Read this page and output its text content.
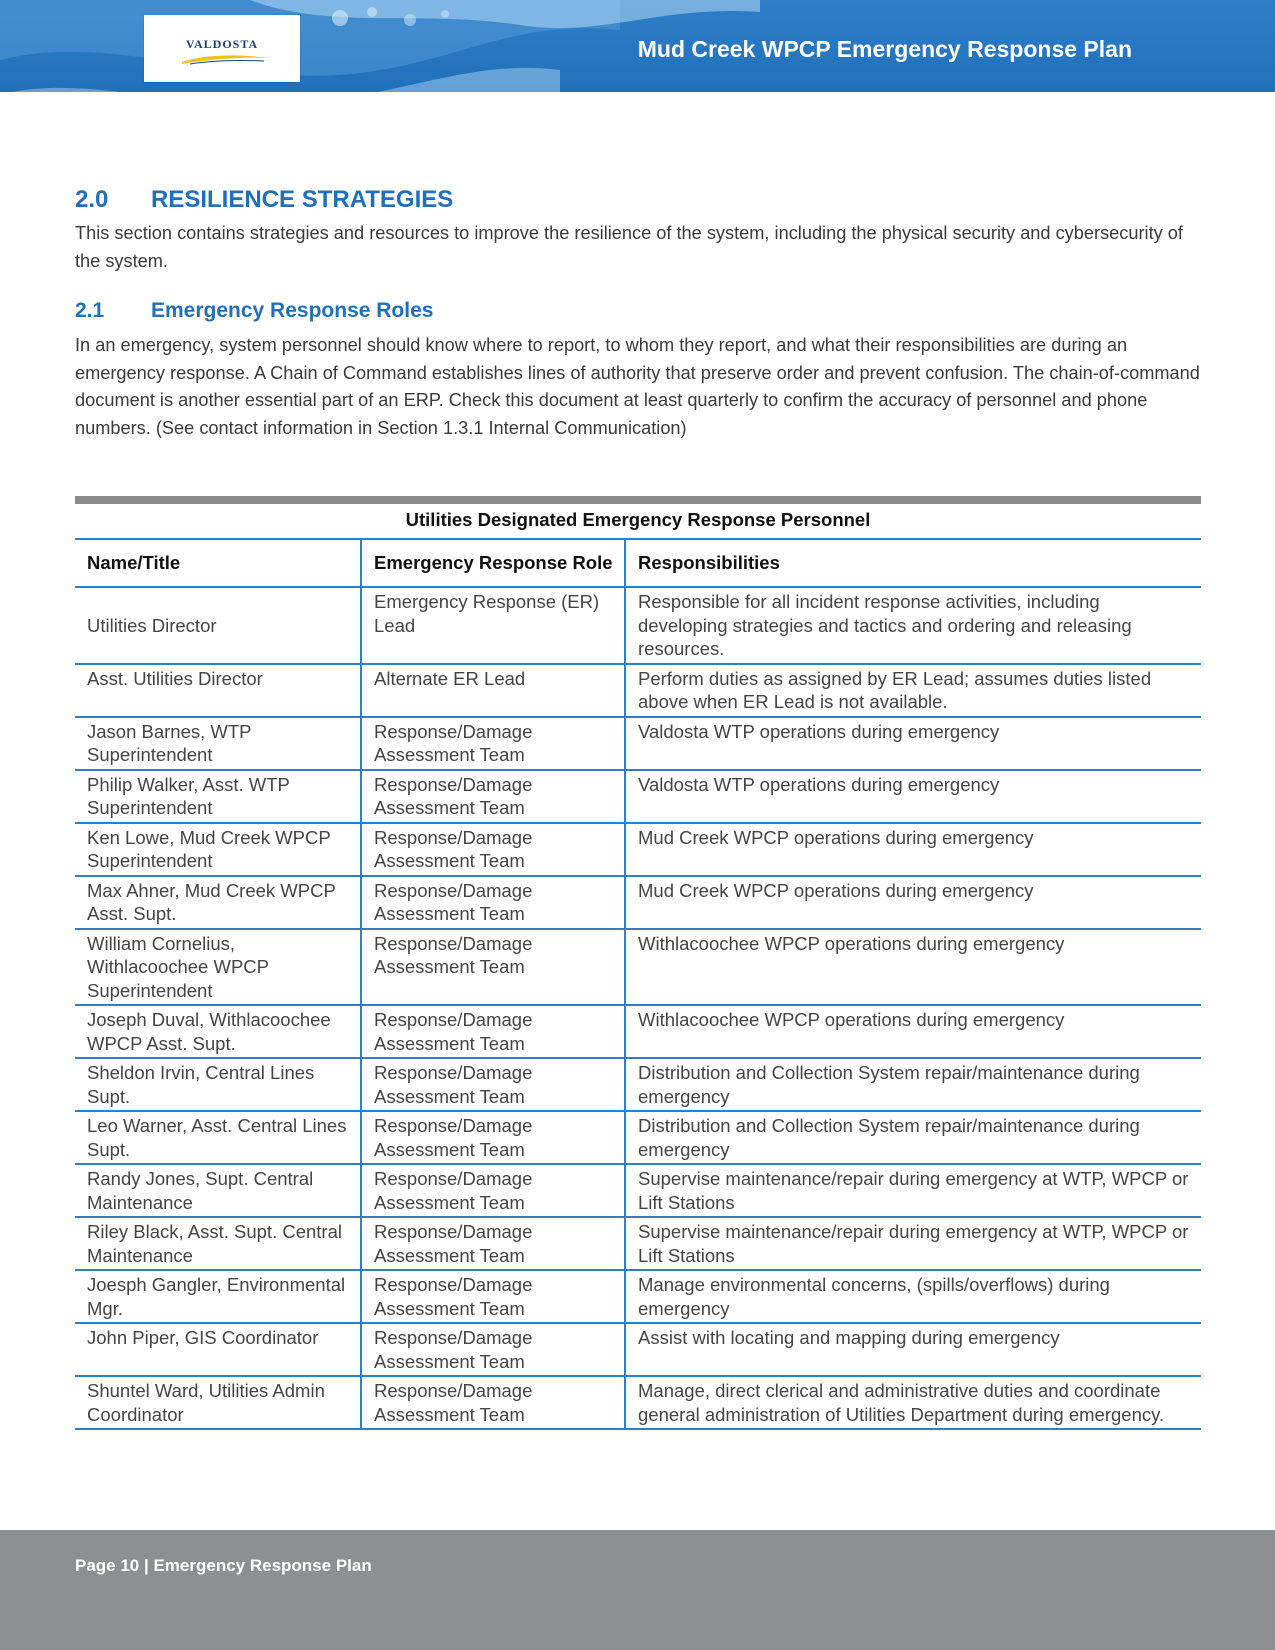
VALDOSTA	Mud Creek WPCP Emergency Response Plan
2.0 RESILIENCE STRATEGIES

This section contains strategies and resources to improve the resilience of the system, including the physical security and cybersecurity of the system.

2.1 Emergency Response Roles

In an emergency, system personnel should know where to report, to whom they report, and what their responsibilities are during an emergency response. A Chain of Command establishes lines of authority that preserve order and prevent confusion. The chain-of-command document is another essential part of an ERP. Check this document at least quarterly to confirm the accuracy of personnel and phone numbers. (See contact information in Section 1.3.1 Internal Communication)

Utilities Designated Emergency Response Personnel
Name/Title	Emergency Response Role	Responsibilities
Utilities Director	Emergency Response (ER) Lead	Responsible for all incident response activities, including developing strategies and tactics and ordering and releasing resources.
Asst. Utilities Director	Alternate ER Lead	Perform duties as assigned by ER Lead; assumes duties listed above when ER Lead is not available.
Jason Barnes, WTP Superintendent	Response/Damage Assessment Team	Valdosta WTP operations during emergency
Philip Walker, Asst. WTP Superintendent	Response/Damage Assessment Team	Valdosta WTP operations during emergency
Ken Lowe, Mud Creek WPCP Superintendent	Response/Damage Assessment Team	Mud Creek WPCP operations during emergency
Max Ahner, Mud Creek WPCP Asst. Supt.	Response/Damage Assessment Team	Mud Creek WPCP operations during emergency
William Cornelius, Withlacoochee WPCP Superintendent	Response/Damage Assessment Team	Withlacoochee WPCP operations during emergency
Joseph Duval, Withlacoochee WPCP Asst. Supt.	Response/Damage Assessment Team	Withlacoochee WPCP operations during emergency
Sheldon Irvin, Central Lines Supt.	Response/Damage Assessment Team	Distribution and Collection System repair/maintenance during emergency
Leo Warner, Asst. Central Lines Supt.	Response/Damage Assessment Team	Distribution and Collection System repair/maintenance during emergency
Randy Jones, Supt. Central Maintenance	Response/Damage Assessment Team	Supervise maintenance/repair during emergency at WTP, WPCP or Lift Stations
Riley Black, Asst. Supt. Central Maintenance	Response/Damage Assessment Team	Supervise maintenance/repair during emergency at WTP, WPCP or Lift Stations
Joesph Gangler, Environmental Mgr.	Response/Damage Assessment Team	Manage environmental concerns, (spills/overflows) during emergency
John Piper, GIS Coordinator	Response/Damage Assessment Team	Assist with locating and mapping during emergency
Shuntel Ward, Utilities Admin Coordinator	Response/Damage Assessment Team	Manage, direct clerical and administrative duties and coordinate general administration of Utilities Department during emergency.
Page 10 | Emergency Response Plan
